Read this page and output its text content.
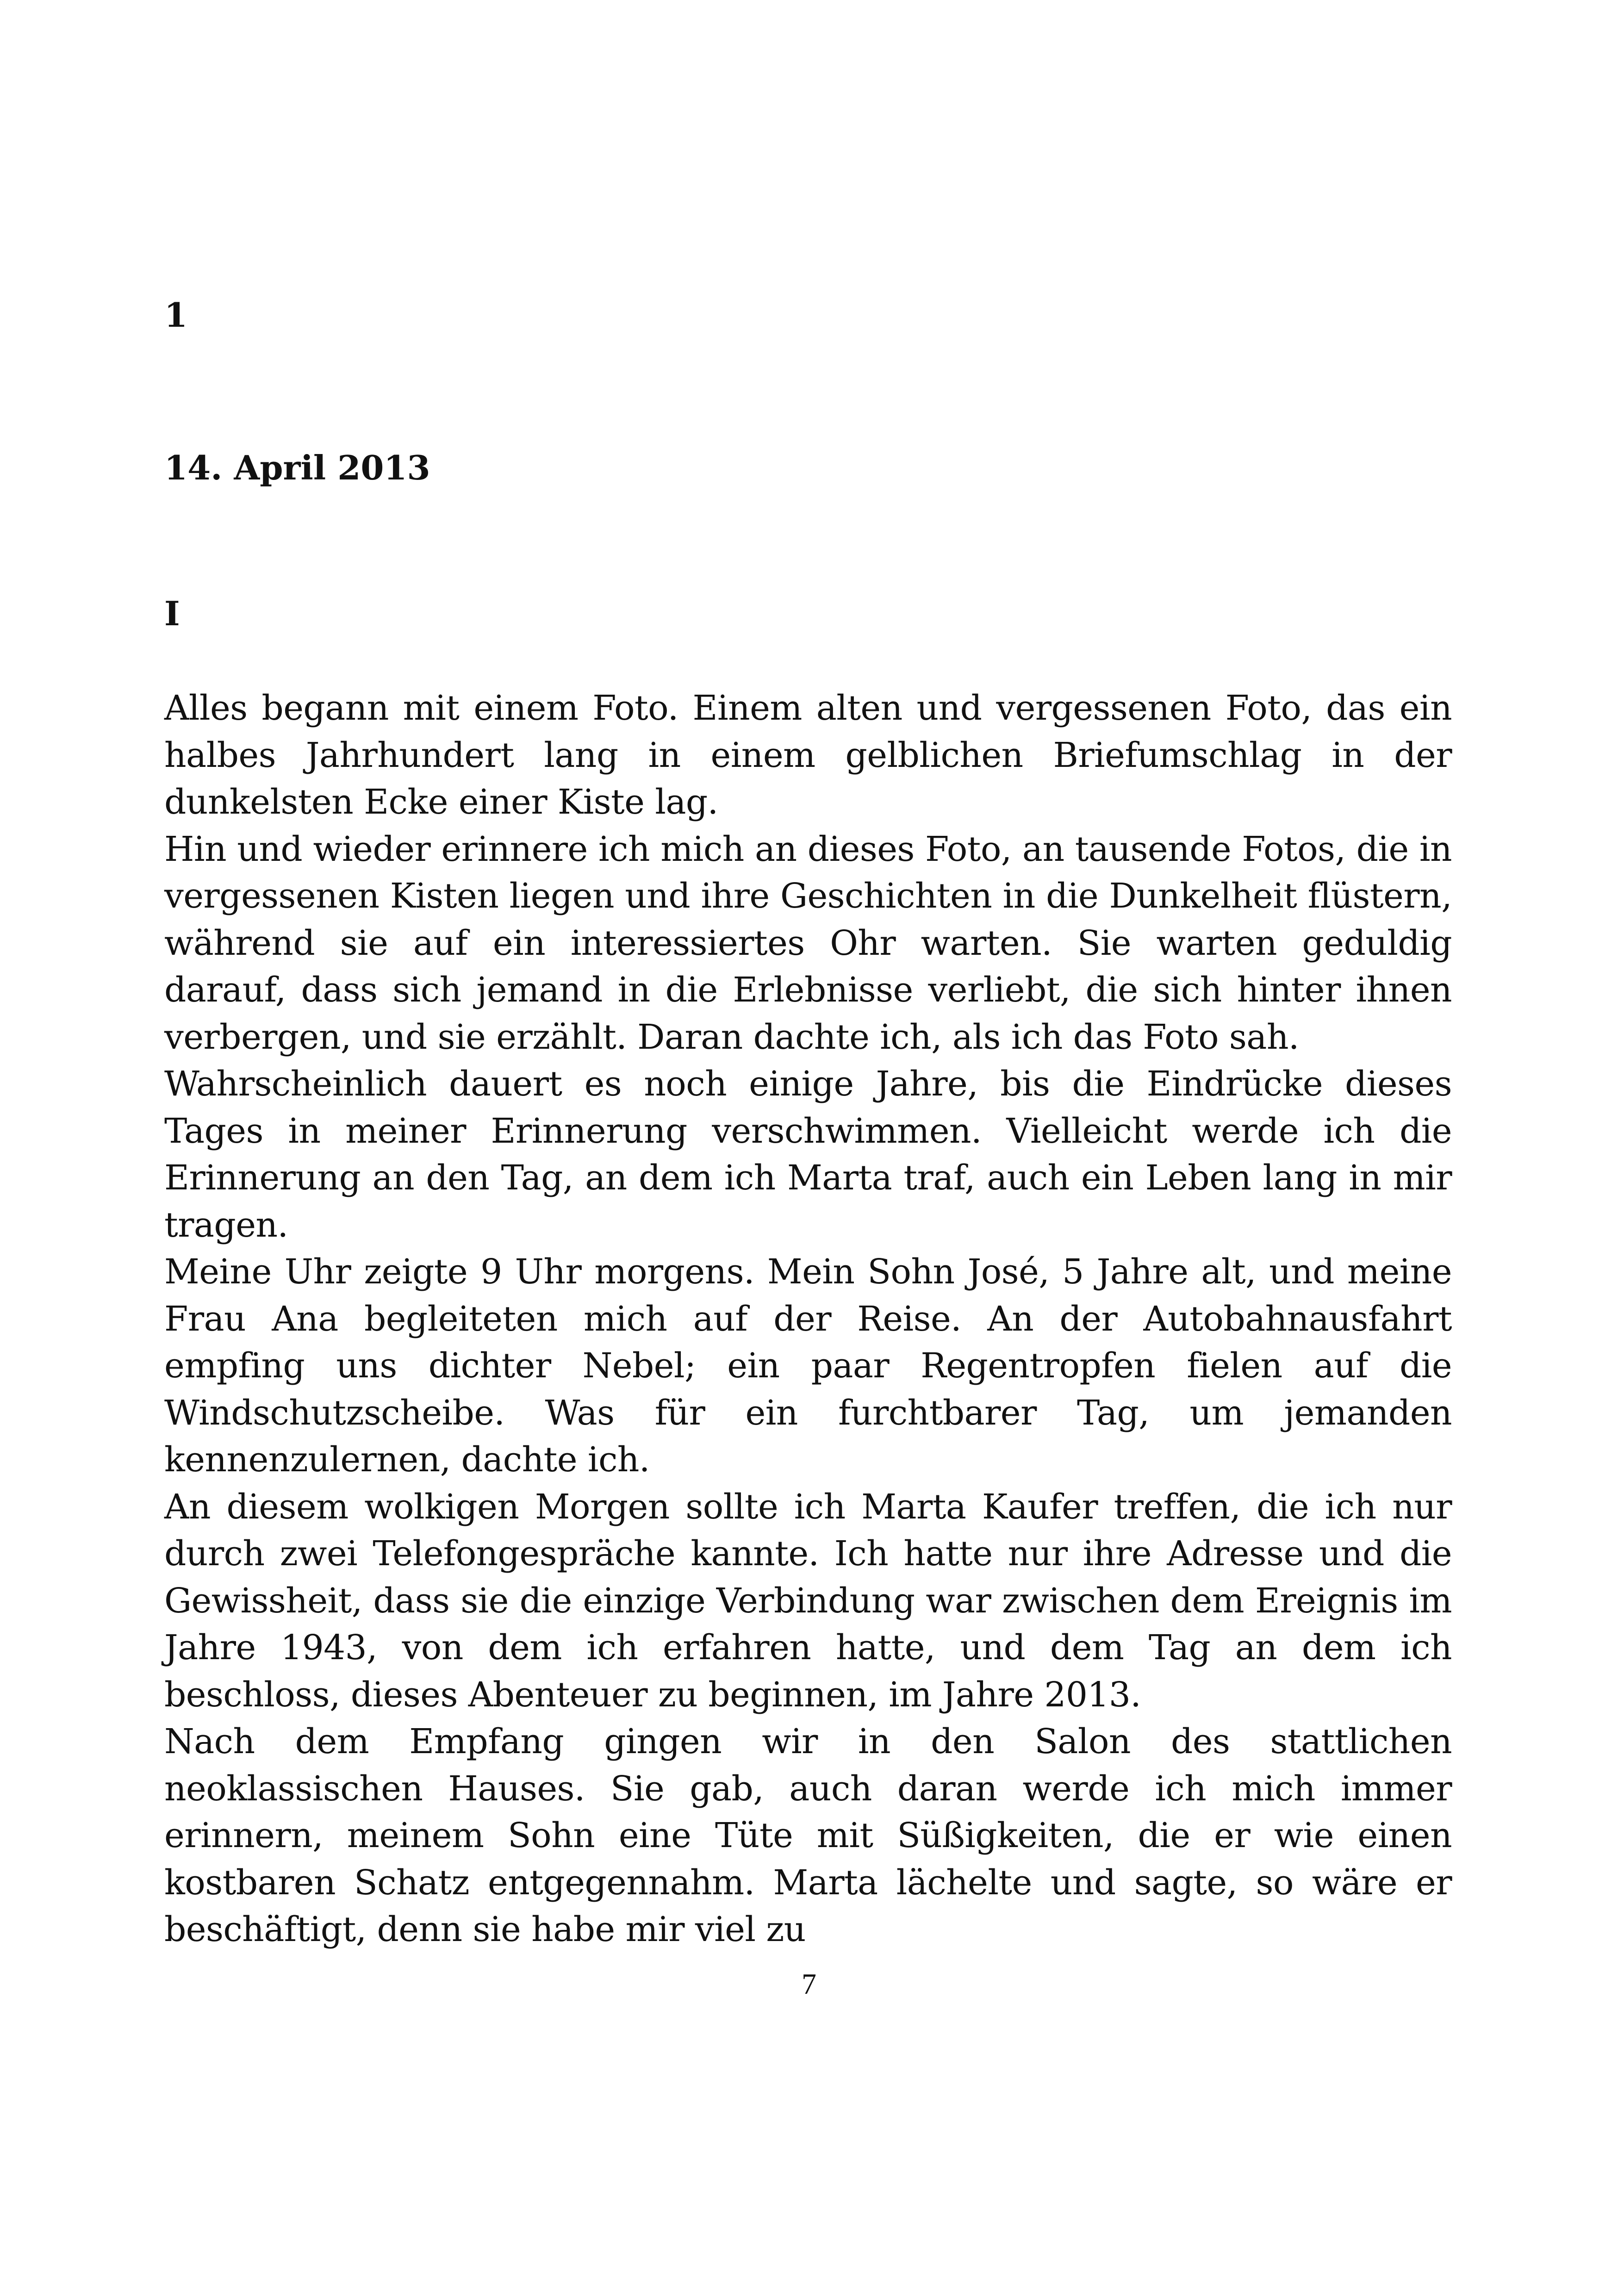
1
14. April 2013
I

Alles begann mit einem Foto. Einem alten und vergessenen Foto, das ein halbes Jahrhundert lang in einem gelblichen Briefumschlag in der dunkelsten Ecke einer Kiste lag.

Hin und wieder erinnere ich mich an dieses Foto, an tausende Fotos, die in vergessenen Kisten liegen und ihre Geschichten in die Dunkelheit flüstern, während sie auf ein interessiertes Ohr warten. Sie warten geduldig darauf, dass sich jemand in die Erlebnisse verliebt, die sich hinter ihnen verbergen, und sie erzählt. Daran dachte ich, als ich das Foto sah.

Wahrscheinlich dauert es noch einige Jahre, bis die Eindrücke dieses Tages in meiner Erinnerung verschwimmen. Vielleicht werde ich die Erinnerung an den Tag, an dem ich Marta traf, auch ein Leben lang in mir tragen.

Meine Uhr zeigte 9 Uhr morgens. Mein Sohn José, 5 Jahre alt, und meine Frau Ana begleiteten mich auf der Reise. An der Autobahnausfahrt empfing uns dichter Nebel; ein paar Regentropfen fielen auf die Windschutzscheibe. Was für ein furchtbarer Tag, um jemanden kennenzulernen, dachte ich.

An diesem wolkigen Morgen sollte ich Marta Kaufer treffen, die ich nur durch zwei Telefongespräche kannte. Ich hatte nur ihre Adresse und die Gewissheit, dass sie die einzige Verbindung war zwischen dem Ereignis im Jahre 1943, von dem ich erfahren hatte, und dem Tag an dem ich beschloss, dieses Abenteuer zu beginnen, im Jahre 2013.

Nach dem Empfang gingen wir in den Salon des stattlichen neoklassischen Hauses. Sie gab, auch daran werde ich mich immer erinnern, meinem Sohn eine Tüte mit Süßigkeiten, die er wie einen kostbaren Schatz entgegennahm. Marta lächelte und sagte, so wäre er beschäftigt, denn sie habe mir viel zu

7
